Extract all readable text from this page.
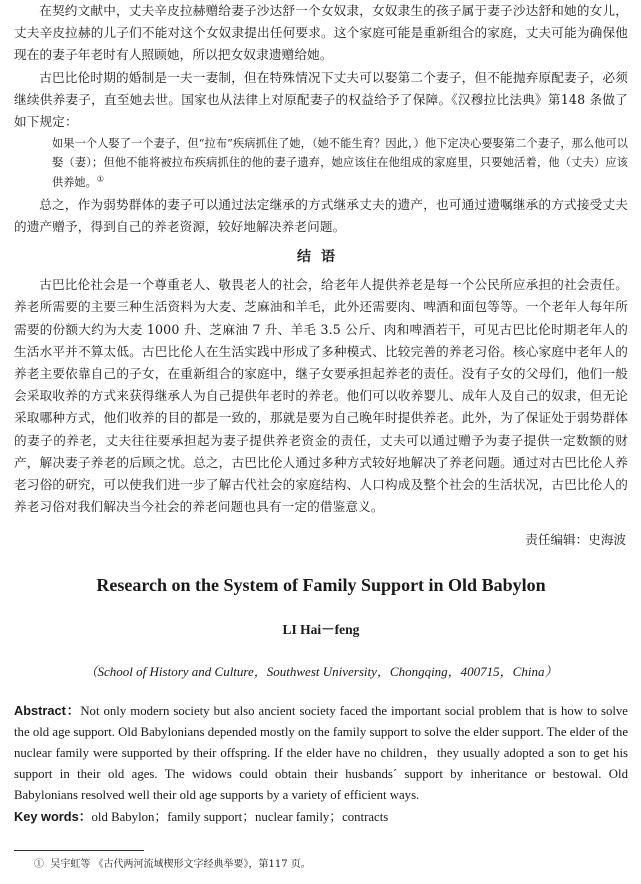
在契约文献中，丈夫辛皮拉赫赠给妻子沙达舒一个女奴隶，女奴隶生的孩子属于妻子沙达舒和她的女儿，丈夫辛皮拉赫的儿子们不能对这个女奴隶提出任何要求。这个家庭可能是重新组合的家庭，丈夫可能为确保他现在的妻子年老时有人照顾她，所以把女奴隶遗赠给她。

古巴比伦时期的婚制是一夫一妻制，但在特殊情况下丈夫可以娶第二个妻子，但不能抛弃原配妻子，必须继续供养妻子，直至她去世。国家也从法律上对原配妻子的权益给予了保障。《汉穆拉比法典》第148 条做了如下规定：

如果一个人娶了一个妻子，但“拉布”疾病抓住了她，（她不能生育？因此，）他下定决心要娶第二个妻子，那么他可以娶（妻）；但他不能将被拉布疾病抓住的他的妻子遗弃，她应该住在他组成的家庭里，只要她活着，他（丈夫）应该供养她。①

总之，作为弱势群体的妻子可以通过法定继承的方式继承丈夫的遗产，也可通过遗嘱继承的方式接受丈夫的遗产赠予，得到自己的养老资源，较好地解决养老问题。

结语

古巴比伦社会是一个尊重老人、敬畏老人的社会，给老年人提供养老是每一个公民所应承担的社会责任。养老所需要的主要三种生活资料为大麦、芝麻油和羊毛，此外还需要肉、啤酒和面包等等。一个老年人每年所需要的份额大约为大麦 1000 升、芝麻油 7 升、羊毛 3.5 公斤、肉和啤酒若干，可见古巴比伦时期老年人的生活水平并不算太低。古巴比伦人在生活实践中形成了多种模式、比较完善的养老习俗。核心家庭中老年人的养老主要依靠自己的子女，在重新组合的家庭中，继子女要承担起养老的责任。没有子女的父母们，他们一般会采取收养的方式来获得继承人为自己提供年老时的养老。他们可以收养婴儿、成年人及自己的奴隶，但无论采取哪种方式，他们收养的目的都是一致的，那就是要为自己晚年时提供养老。此外，为了保证处于弱势群体的妻子的养老，丈夫往往要承担起为妻子提供养老资金的责任，丈夫可以通过赠予为妻子提供一定数额的财产，解决妻子养老的后顾之忧。总之，古巴比伦人通过多种方式较好地解决了养老问题。通过对古巴比伦人养老习俗的研究，可以使我们进一步了解古代社会的家庭结构、人口构成及整个社会的生活状况，古巴比伦人的养老习俗对我们解决当今社会的养老问题也具有一定的借鉴意义。

责任编辑：史海波
Research on the System of Family Support in Old Babylon
LI Hai－feng
（School of History and Culture，Southwest University，Chongqing，400715，China）

Abstract：Not only modern society but also ancient society faced the important social problem that is how to solve the old age support. Old Babylonians depended mostly on the family support to solve the elder support. The elder of the nuclear family were supported by their offspring. If the elder have no children，they usually adopted a son to get his support in their old ages. The widows could obtain their husbands´ support by inheritance or bestowal. Old Babylonians resolved well their old age supports by a variety of efficient ways.

Key words：old Babylon；family support；nuclear family；contracts

① 吴宇虹等 《古代两河流域楔形文字经典举要》，第117 页。
